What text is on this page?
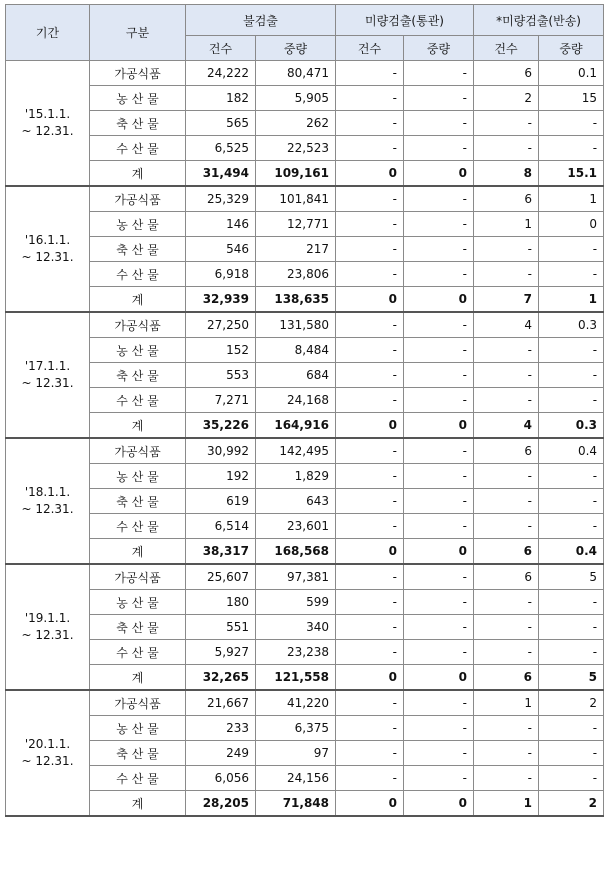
기간	구분	불검출		미량검출(통관)		*미량검출(반송)	
		건수	중량	건수	중량	건수	중량

'15.1.1.
~ 12.31.	가공식품	24,222	80,471	-	-	6	0.1
	농 산 물	182	5,905	-	-	2	15
	축 산 물	565	262	-	-	-	-
	수 산 물	6,525	22,523	-	-	-	-
	계	31,494	109,161	0	0	8	15.1

'16.1.1.
~ 12.31.	가공식품	25,329	101,841	-	-	6	1
	농 산 물	146	12,771	-	-	1	0
	축 산 물	546	217	-	-	-	-
	수 산 물	6,918	23,806	-	-	-	-
	계	32,939	138,635	0	0	7	1

'17.1.1.
~ 12.31.	가공식품	27,250	131,580	-	-	4	0.3
	농 산 물	152	8,484	-	-	-	-
	축 산 물	553	684	-	-	-	-
	수 산 물	7,271	24,168	-	-	-	-
	계	35,226	164,916	0	0	4	0.3

'18.1.1.
~ 12.31.	가공식품	30,992	142,495	-	-	6	0.4
	농 산 물	192	1,829	-	-	-	-
	축 산 물	619	643	-	-	-	-
	수 산 물	6,514	23,601	-	-	-	-
	계	38,317	168,568	0	0	6	0.4

'19.1.1.
~ 12.31.	가공식품	25,607	97,381	-	-	6	5
	농 산 물	180	599	-	-	-	-
	축 산 물	551	340	-	-	-	-
	수 산 물	5,927	23,238	-	-	-	-
	계	32,265	121,558	0	0	6	5

'20.1.1.
~ 12.31.	가공식품	21,667	41,220	-	-	1	2
	농 산 물	233	6,375	-	-	-	-
	축 산 물	249	97	-	-	-	-
	수 산 물	6,056	24,156	-	-	-	-
	계	28,205	71,848	0	0	1	2
